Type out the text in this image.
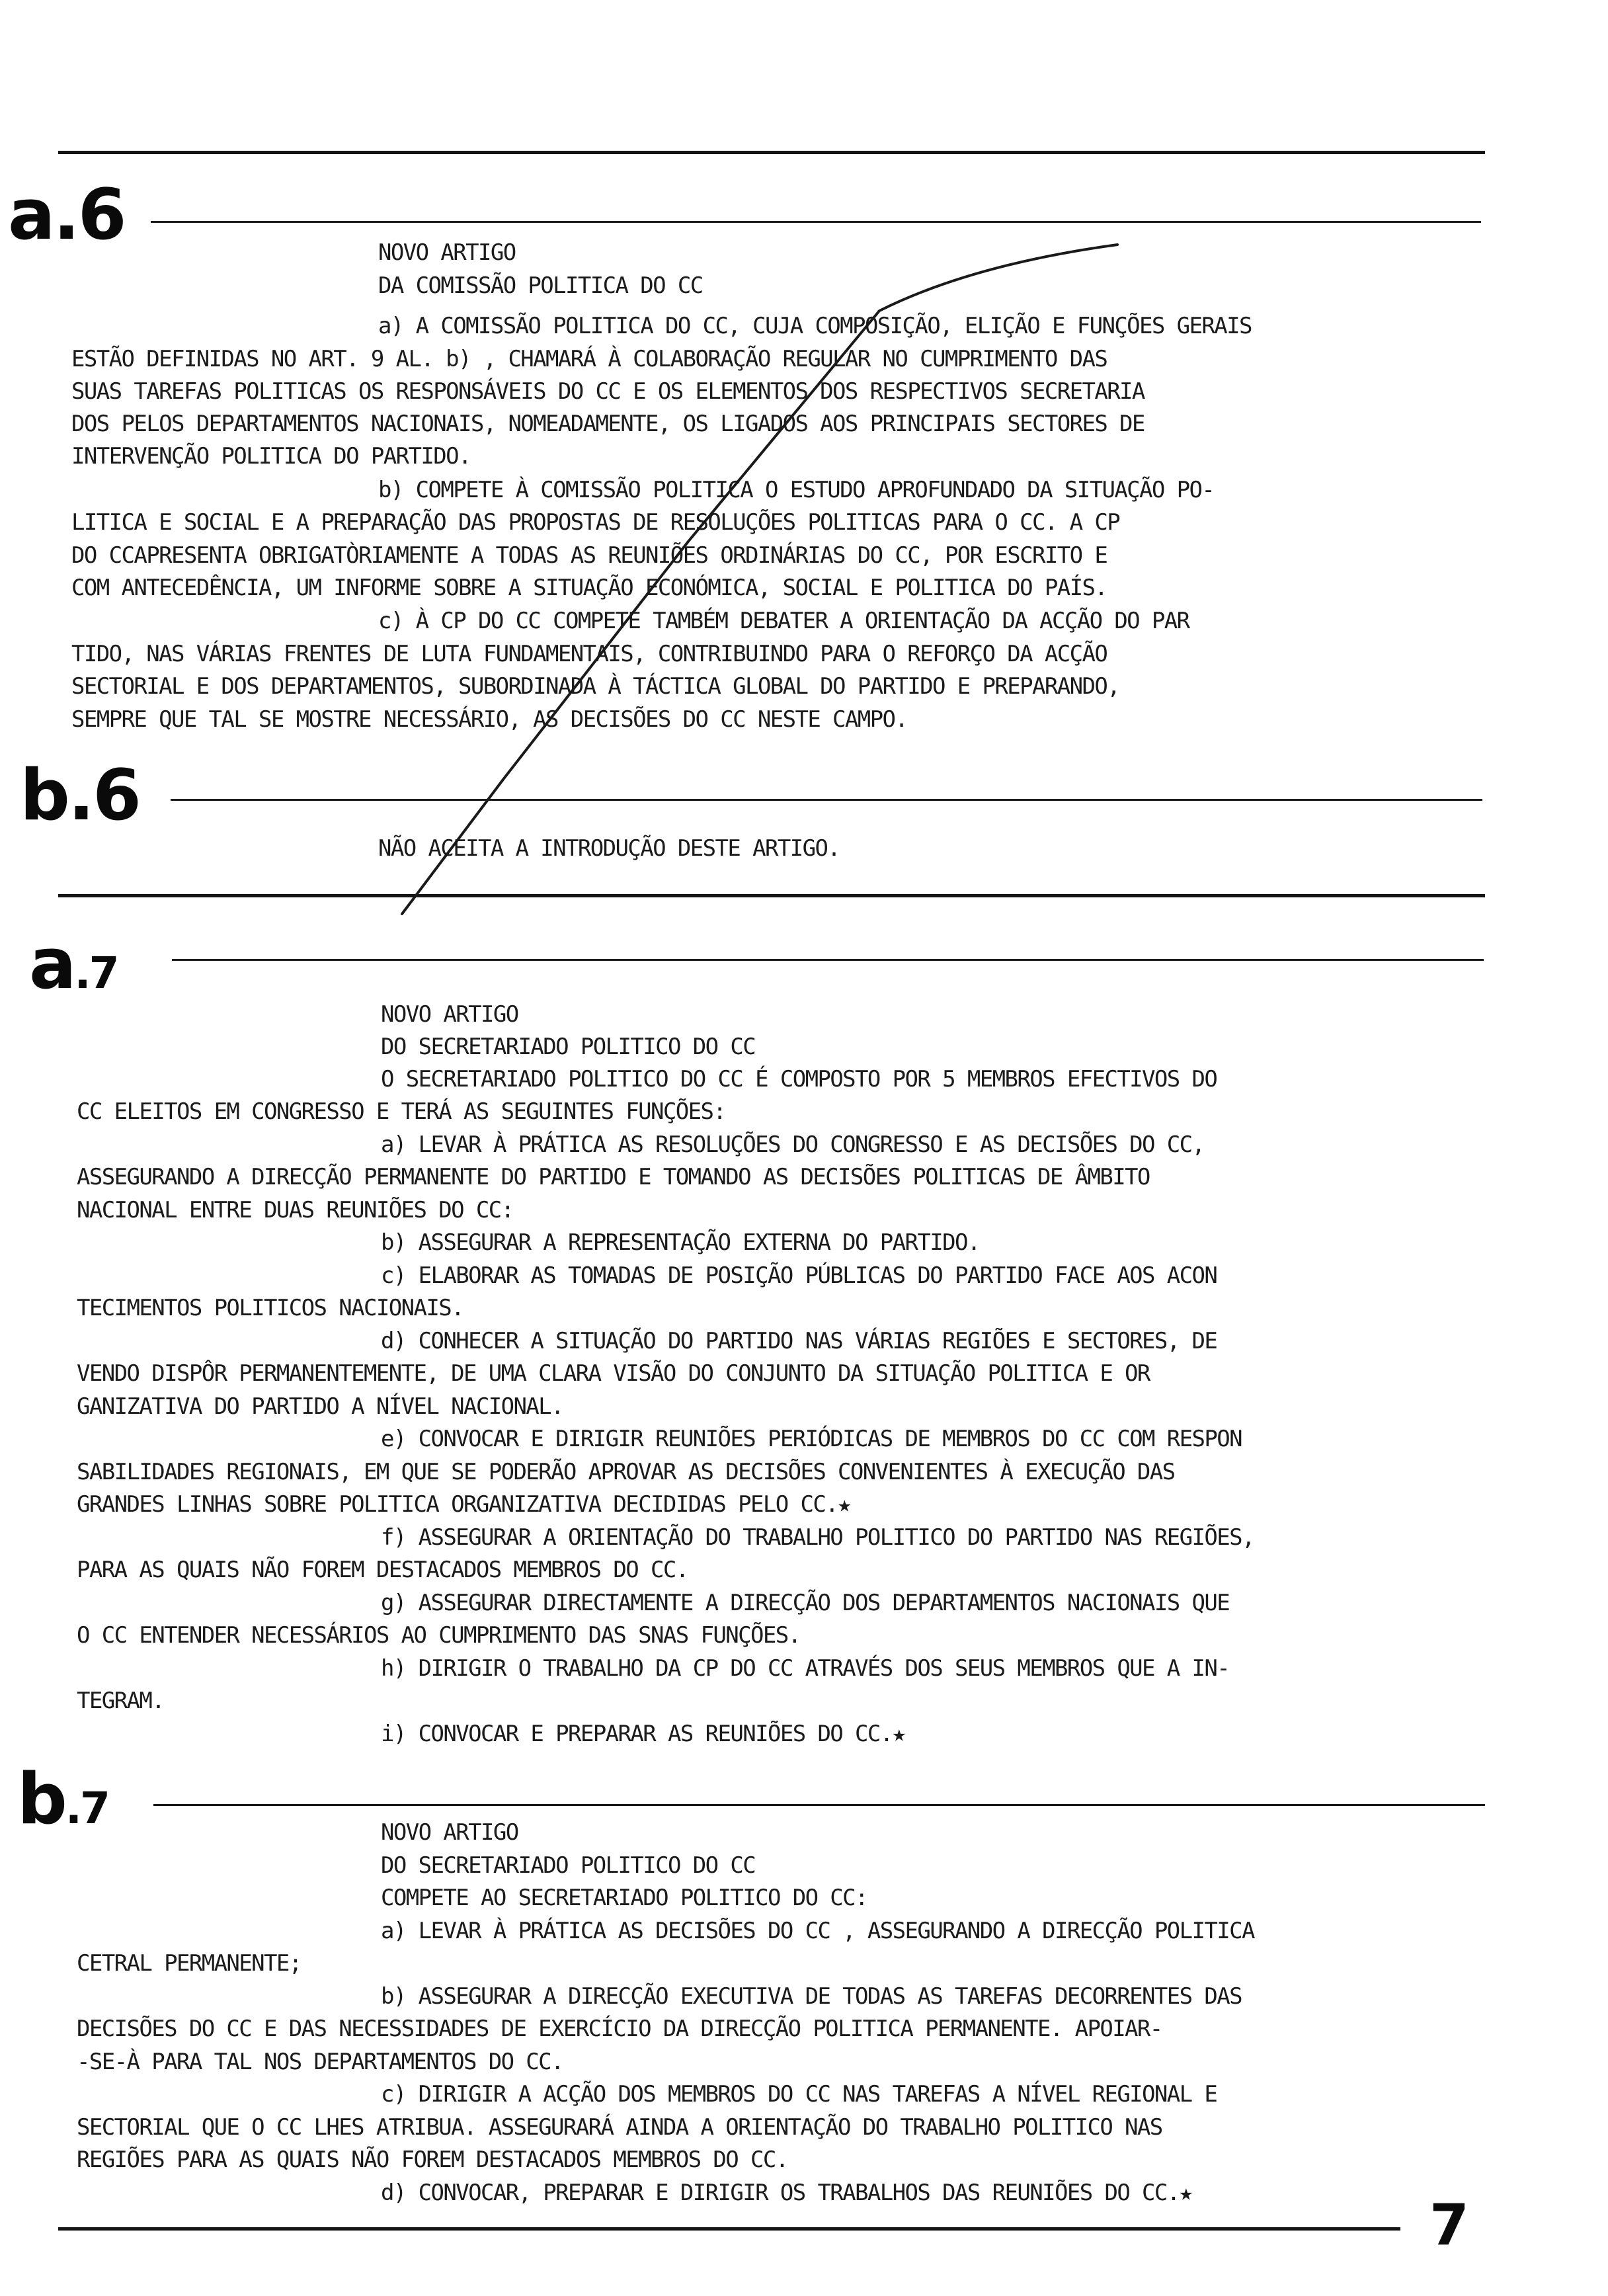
a.6
b.6
a.7
b.7
NOVO ARTIGO
DA COMISSÃO POLITICA DO CC
a) A COMISSÃO POLITICA DO CC, CUJA COMPOSIÇÃO, ELIÇÃO E FUNÇÕES GERAIS
ESTÃO DEFINIDAS NO ART. 9 AL. b) , CHAMARÁ À COLABORAÇÃO REGULAR NO CUMPRIMENTO DAS
SUAS TAREFAS POLITICAS OS RESPONSÁVEIS DO CC E OS ELEMENTOS DOS RESPECTIVOS SECRETARIA
DOS PELOS DEPARTAMENTOS NACIONAIS, NOMEADAMENTE, OS LIGADOS AOS PRINCIPAIS SECTORES DE
INTERVENÇÃO POLITICA DO PARTIDO.
b) COMPETE À COMISSÃO POLITICA O ESTUDO APROFUNDADO DA SITUAÇÃO PO-
LITICA E SOCIAL E A PREPARAÇÃO DAS PROPOSTAS DE RESOLUÇÕES POLITICAS PARA O CC. A CP
DO CCAPRESENTA OBRIGATÒRIAMENTE A TODAS AS REUNIÕES ORDINÁRIAS DO CC, POR ESCRITO E
COM ANTECEDÊNCIA, UM INFORME SOBRE A SITUAÇÃO ECONÓMICA, SOCIAL E POLITICA DO PAÍS.
c) À CP DO CC COMPETE TAMBÉM DEBATER A ORIENTAÇÃO DA ACÇÃO DO PAR
TIDO, NAS VÁRIAS FRENTES DE LUTA FUNDAMENTAIS, CONTRIBUINDO PARA O REFORÇO DA ACÇÃO
SECTORIAL E DOS DEPARTAMENTOS, SUBORDINADA À TÁCTICA GLOBAL DO PARTIDO E PREPARANDO,
SEMPRE QUE TAL SE MOSTRE NECESSÁRIO, AS DECISÕES DO CC NESTE CAMPO.
NÃO ACEITA A INTRODUÇÃO DESTE ARTIGO.
NOVO ARTIGO
DO SECRETARIADO POLITICO DO CC
O SECRETARIADO POLITICO DO CC É COMPOSTO POR 5 MEMBROS EFECTIVOS DO
CC ELEITOS EM CONGRESSO E TERÁ AS SEGUINTES FUNÇÕES:
a) LEVAR À PRÁTICA AS RESOLUÇÕES DO CONGRESSO E AS DECISÕES DO CC,
ASSEGURANDO A DIRECÇÃO PERMANENTE DO PARTIDO E TOMANDO AS DECISÕES POLITICAS DE ÂMBITO
NACIONAL ENTRE DUAS REUNIÕES DO CC:
b) ASSEGURAR A REPRESENTAÇÃO EXTERNA DO PARTIDO.
c) ELABORAR AS TOMADAS DE POSIÇÃO PÚBLICAS DO PARTIDO FACE AOS ACON
TECIMENTOS POLITICOS NACIONAIS.
d) CONHECER A SITUAÇÃO DO PARTIDO NAS VÁRIAS REGIÕES E SECTORES, DE
VENDO DISPÔR PERMANENTEMENTE, DE UMA CLARA VISÃO DO CONJUNTO DA SITUAÇÃO POLITICA E OR
GANIZATIVA DO PARTIDO A NÍVEL NACIONAL.
e) CONVOCAR E DIRIGIR REUNIÕES PERIÓDICAS DE MEMBROS DO CC COM RESPON
SABILIDADES REGIONAIS, EM QUE SE PODERÃO APROVAR AS DECISÕES CONVENIENTES À EXECUÇÃO DAS
GRANDES LINHAS SOBRE POLITICA ORGANIZATIVA DECIDIDAS PELO CC.★
f) ASSEGURAR A ORIENTAÇÃO DO TRABALHO POLITICO DO PARTIDO NAS REGIÕES,
PARA AS QUAIS NÃO FOREM DESTACADOS MEMBROS DO CC.
g) ASSEGURAR DIRECTAMENTE A DIRECÇÃO DOS DEPARTAMENTOS NACIONAIS QUE
O CC ENTENDER NECESSÁRIOS AO CUMPRIMENTO DAS SNAS FUNÇÕES.
h) DIRIGIR O TRABALHO DA CP DO CC ATRAVÉS DOS SEUS MEMBROS QUE A IN-
TEGRAM.
i) CONVOCAR E PREPARAR AS REUNIÕES DO CC.★
NOVO ARTIGO
DO SECRETARIADO POLITICO DO CC
COMPETE AO SECRETARIADO POLITICO DO CC:
a) LEVAR À PRÁTICA AS DECISÕES DO CC , ASSEGURANDO A DIRECÇÃO POLITICA
CETRAL PERMANENTE;
b) ASSEGURAR A DIRECÇÃO EXECUTIVA DE TODAS AS TAREFAS DECORRENTES DAS
DECISÕES DO CC E DAS NECESSIDADES DE EXERCÍCIO DA DIRECÇÃO POLITICA PERMANENTE. APOIAR-
-SE-À PARA TAL NOS DEPARTAMENTOS DO CC.
c) DIRIGIR A ACÇÃO DOS MEMBROS DO CC NAS TAREFAS A NÍVEL REGIONAL E
SECTORIAL QUE O CC LHES ATRIBUA. ASSEGURARÁ AINDA A ORIENTAÇÃO DO TRABALHO POLITICO NAS
REGIÕES PARA AS QUAIS NÃO FOREM DESTACADOS MEMBROS DO CC.
d) CONVOCAR, PREPARAR E DIRIGIR OS TRABALHOS DAS REUNIÕES DO CC.★	7
